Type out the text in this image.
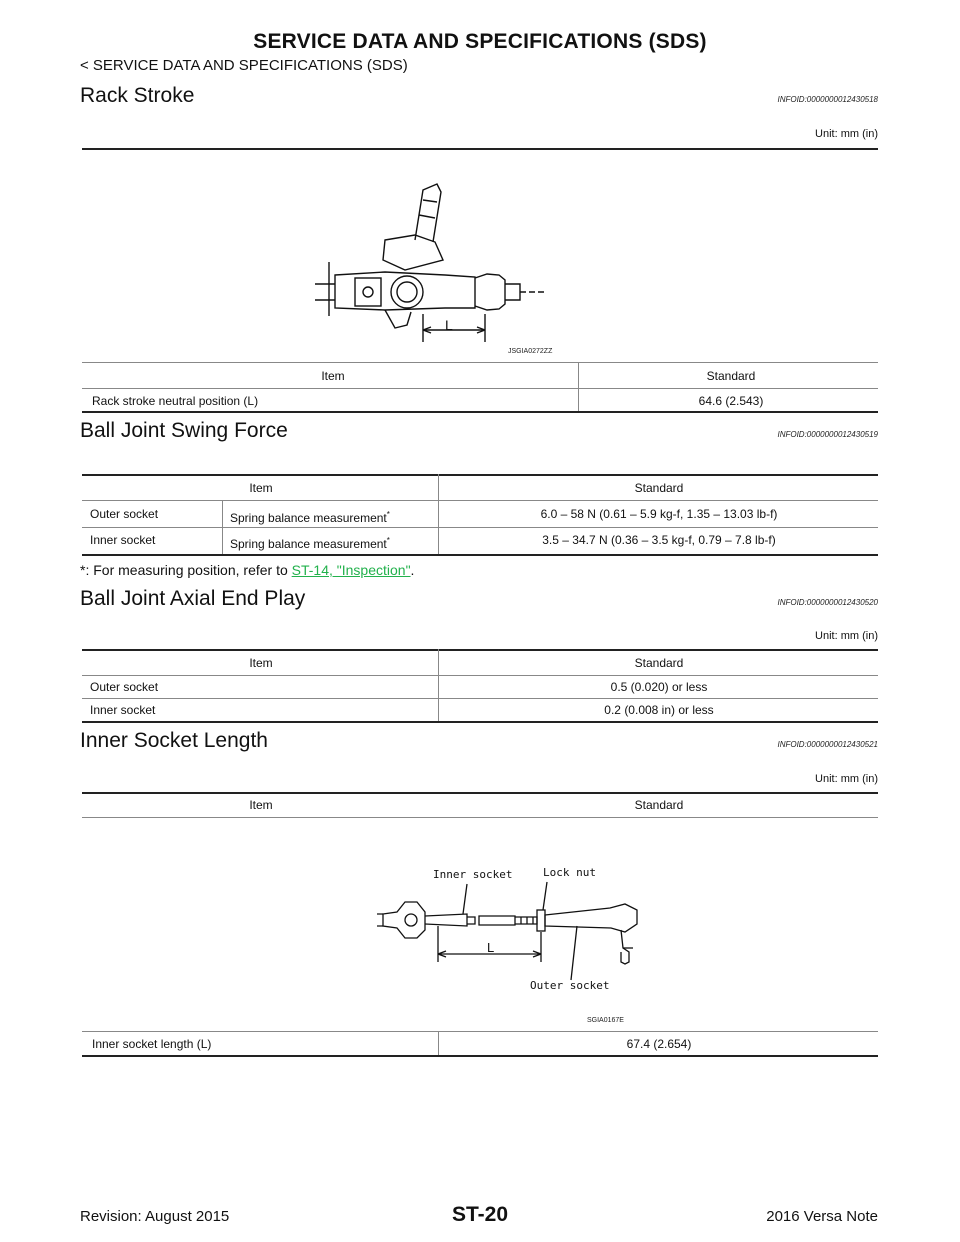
SERVICE DATA AND SPECIFICATIONS (SDS)
< SERVICE DATA AND SPECIFICATIONS (SDS)
Rack Stroke	INFOID:0000000012430518
Unit: mm (in)
L
JSGIA0272ZZ
Item	Standard
Rack stroke neutral position (L)	64.6 (2.543)
Ball Joint Swing Force	INFOID:0000000012430519
Item	Standard
Outer socket	Spring balance measurement*	6.0 – 58 N (0.61 – 5.9 kg-f, 1.35 – 13.03 lb-f)
Inner socket	Spring balance measurement*	3.5 – 34.7 N (0.36 – 3.5 kg-f, 0.79 – 7.8 lb-f)
*: For measuring position, refer to ST-14, "Inspection".
Ball Joint Axial End Play	INFOID:0000000012430520
Unit: mm (in)
Item	Standard
Outer socket	0.5 (0.020) or less
Inner socket	0.2 (0.008 in) or less
Inner Socket Length	INFOID:0000000012430521
Unit: mm (in)
Item	Standard
Inner socket	Lock nut
Outer socket
L
SGIA0167E
Inner socket length (L)	67.4 (2.654)
Revision: August 2015	ST-20	2016 Versa Note
